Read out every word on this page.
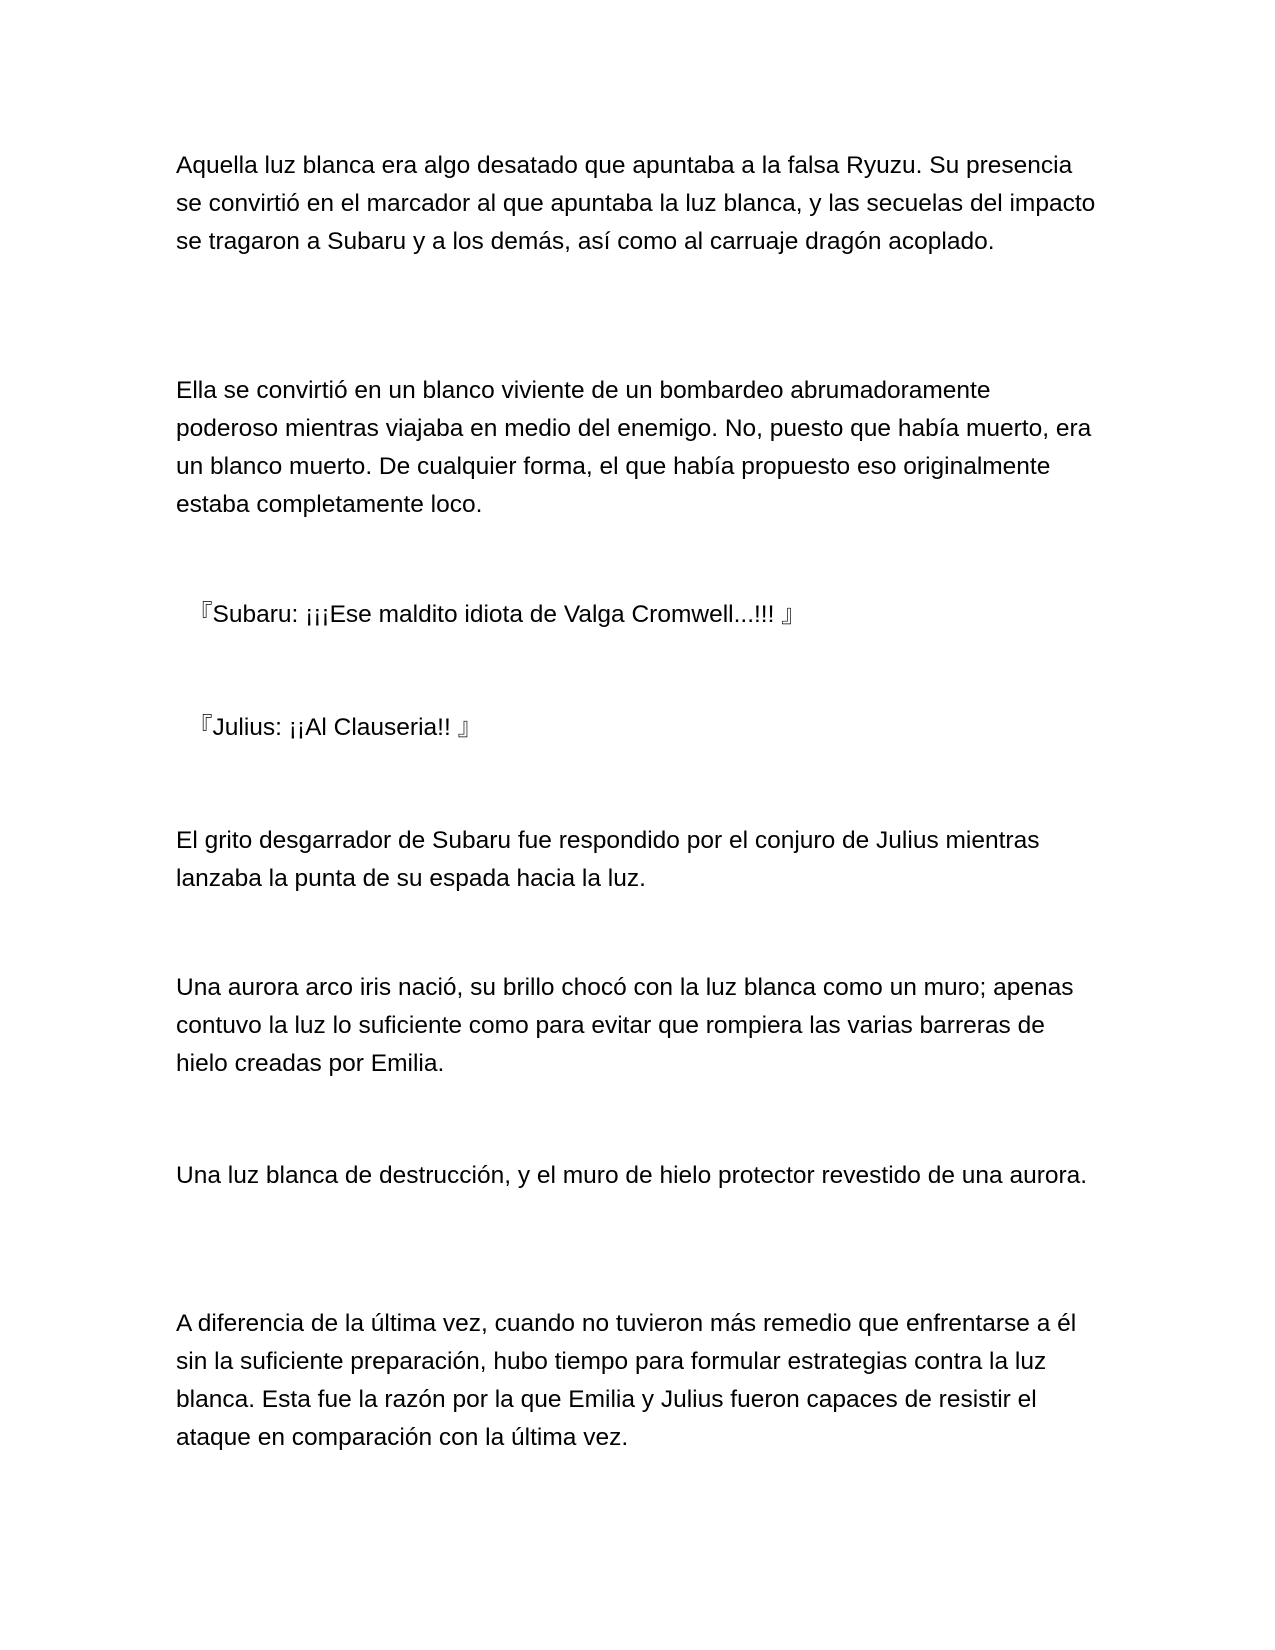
Aquella luz blanca era algo desatado que apuntaba a la falsa Ryuzu. Su presencia se convirtió en el marcador al que apuntaba la luz blanca, y las secuelas del impacto se tragaron a Subaru y a los demás, así como al carruaje dragón acoplado.

Ella se convirtió en un blanco viviente de un bombardeo abrumadoramente poderoso mientras viajaba en medio del enemigo. No, puesto que había muerto, era un blanco muerto. De cualquier forma, el que había propuesto eso originalmente estaba completamente loco.

『Subaru: ¡¡¡Ese maldito idiota de Valga Cromwell...!!! 』

『Julius: ¡¡Al Clauseria!! 』

El grito desgarrador de Subaru fue respondido por el conjuro de Julius mientras lanzaba la punta de su espada hacia la luz.

Una aurora arco iris nació, su brillo chocó con la luz blanca como un muro; apenas contuvo la luz lo suficiente como para evitar que rompiera las varias barreras de hielo creadas por Emilia.

Una luz blanca de destrucción, y el muro de hielo protector revestido de una aurora.

A diferencia de la última vez, cuando no tuvieron más remedio que enfrentarse a él sin la suficiente preparación, hubo tiempo para formular estrategias contra la luz blanca. Esta fue la razón por la que Emilia y Julius fueron capaces de resistir el ataque en comparación con la última vez.
